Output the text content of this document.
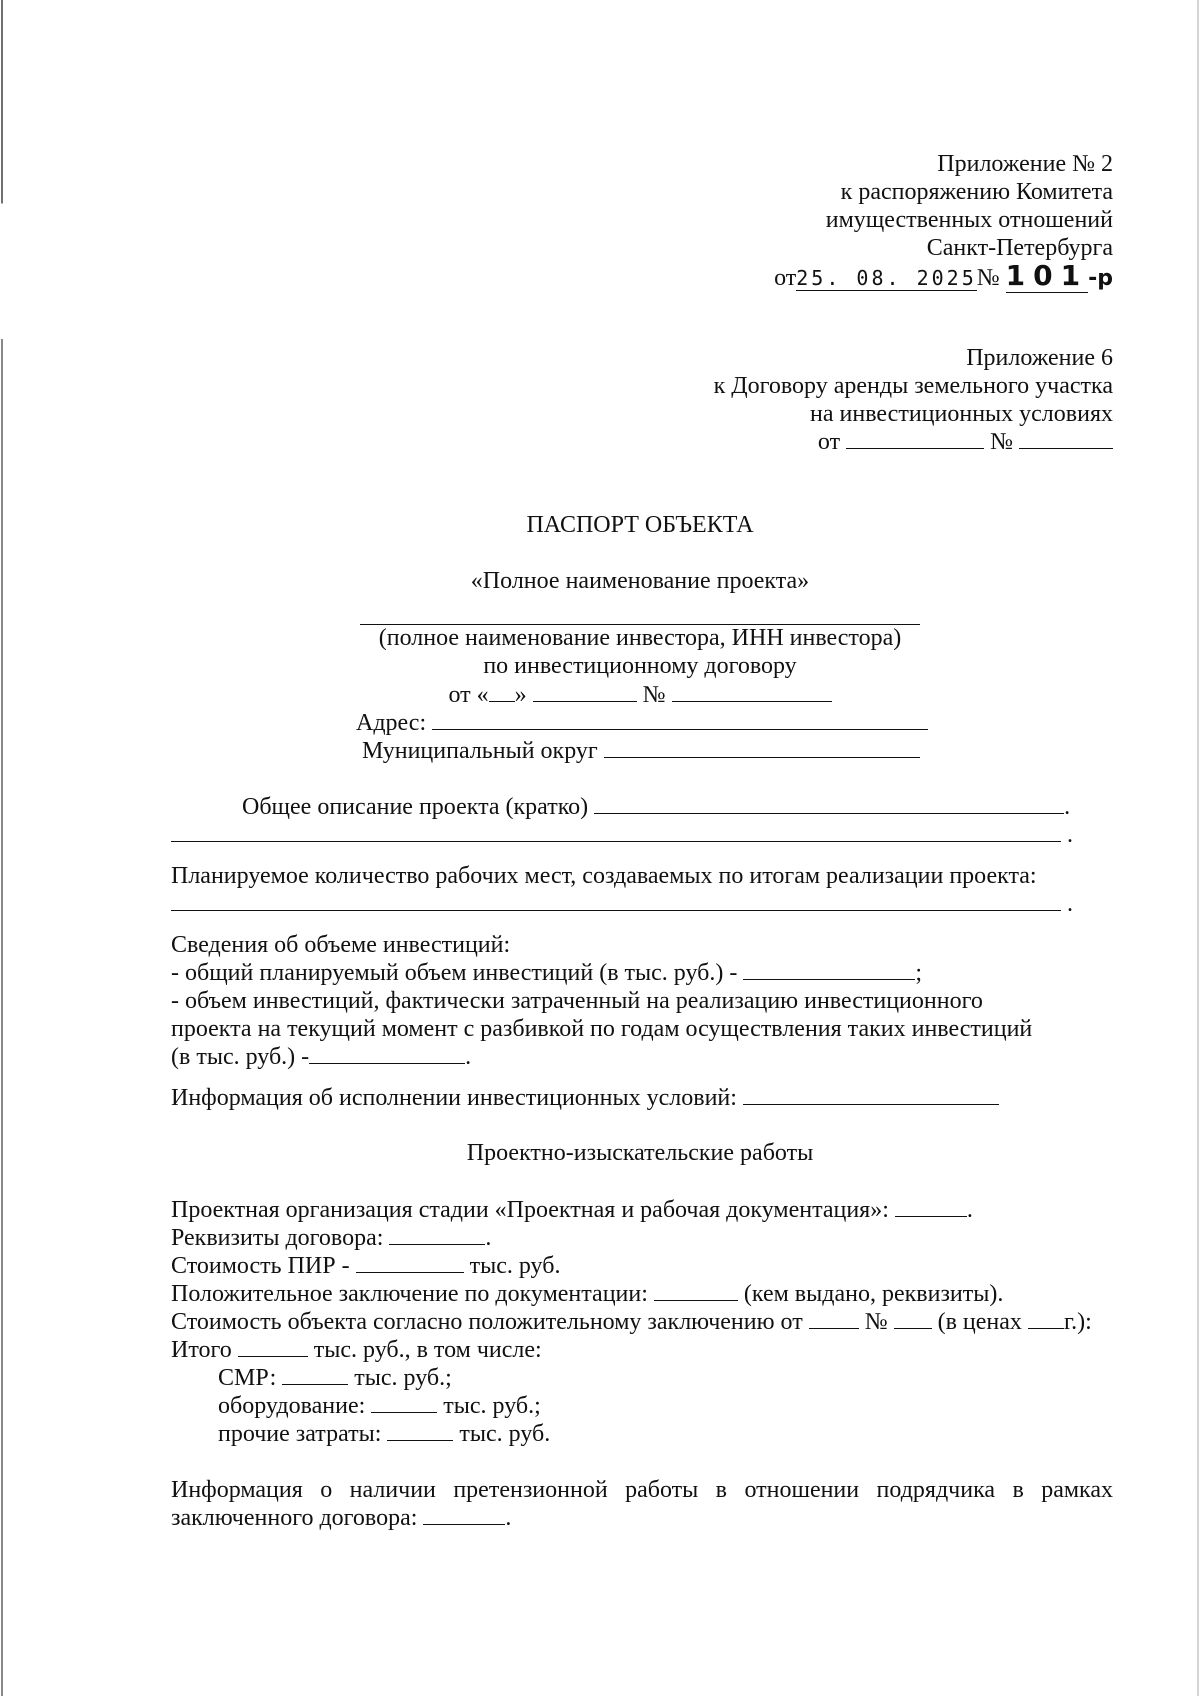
Приложение № 2
к распоряжению Комитета
имущественных отношений
Санкт-Петербурга
от25. 08. 2025№ 101-р
Приложение 6
к Договору аренды земельного участка
на инвестиционных условиях
от	№
ПАСПОРТ ОБЪЕКТА
«Полное наименование проекта»
(полное наименование инвестора, ИНН инвестора)
по инвестиционному договору
от « »	№
Адрес:
Муниципальный округ
Общее описание проекта (кратко)	.
.
Планируемое количество рабочих мест, создаваемых по итогам реализации проекта:
.
Сведения об объеме инвестиций:
- общий планируемый объем инвестиций (в тыс. руб.) -	;
- объем инвестиций, фактически затраченный на реализацию инвестиционного
проекта на текущий момент с разбивкой по годам осуществления таких инвестиций
(в тыс. руб.) -	.
Информация об исполнении инвестиционных условий:
Проектно-изыскательские работы
Проектная организация стадии «Проектная и рабочая документация»:	.
Реквизиты договора:	.
Стоимость ПИР -	тыс. руб.
Положительное заключение по документации:	(кем выдано, реквизиты).
Стоимость объекта согласно положительному заключению от	№ (в ценах г.):
Итого	тыс. руб., в том числе:
СМР:	тыс. руб.;
оборудование:	тыс. руб.;
прочие затраты:	тыс. руб.
Информация о наличии претензионной работы в отношении подрядчика в рамках
заключенного договора:	.
